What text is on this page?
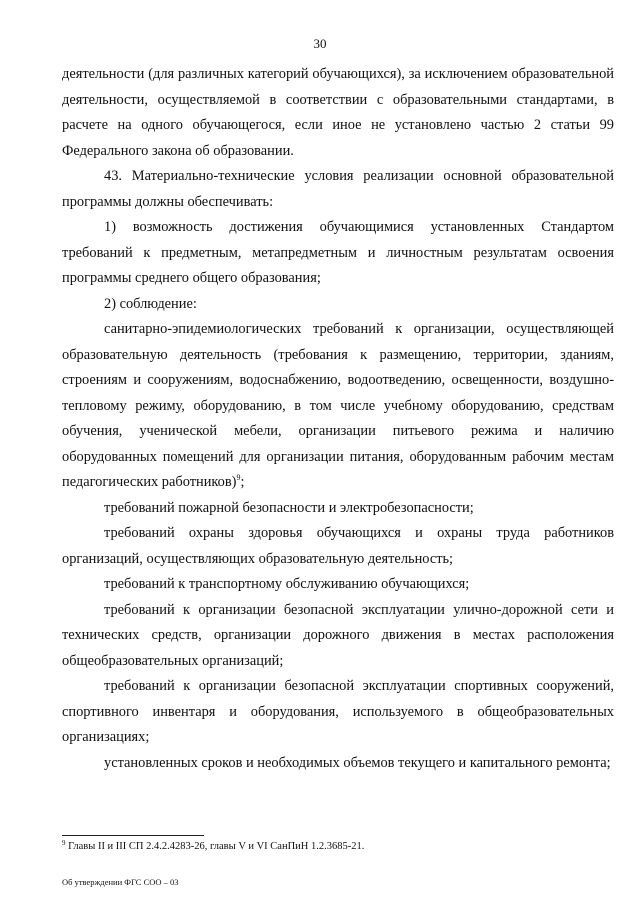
30

деятельности (для различных категорий обучающихся), за исключением образовательной деятельности, осуществляемой в соответствии с образовательными стандартами, в расчете на одного обучающегося, если иное не установлено частью 2 статьи 99 Федерального закона об образовании.

43. Материально-технические условия реализации основной образовательной программы должны обеспечивать:

1) возможность достижения обучающимися установленных Стандартом требований к предметным, метапредметным и личностным результатам освоения программы среднего общего образования;

2) соблюдение:

санитарно-эпидемиологических требований к организации, осуществляющей образовательную деятельность (требования к размещению, территории, зданиям, строениям и сооружениям, водоснабжению, водоотведению, освещенности, воздушно-тепловому режиму, оборудованию, в том числе учебному оборудованию, средствам обучения, ученической мебели, организации питьевого режима и наличию оборудованных помещений для организации питания, оборудованным рабочим местам педагогических работников)$^9$;

требований пожарной безопасности и электробезопасности;

требований охраны здоровья обучающихся и охраны труда работников организаций, осуществляющих образовательную деятельность;

требований к транспортному обслуживанию обучающихся;

требований к организации безопасной эксплуатации улично-дорожной сети и технических средств, организации дорожного движения в местах расположения общеобразовательных организаций;

требований к организации безопасной эксплуатации спортивных сооружений, спортивного инвентаря и оборудования, используемого в общеобразовательных организациях;

установленных сроков и необходимых объемов текущего и капитального ремонта;

$^9$ Главы II и III СП 2.4.2.4283-26, главы V и VI СанПиН 1.2.3685-21.
Об утверждении ФГС СОО – 03
